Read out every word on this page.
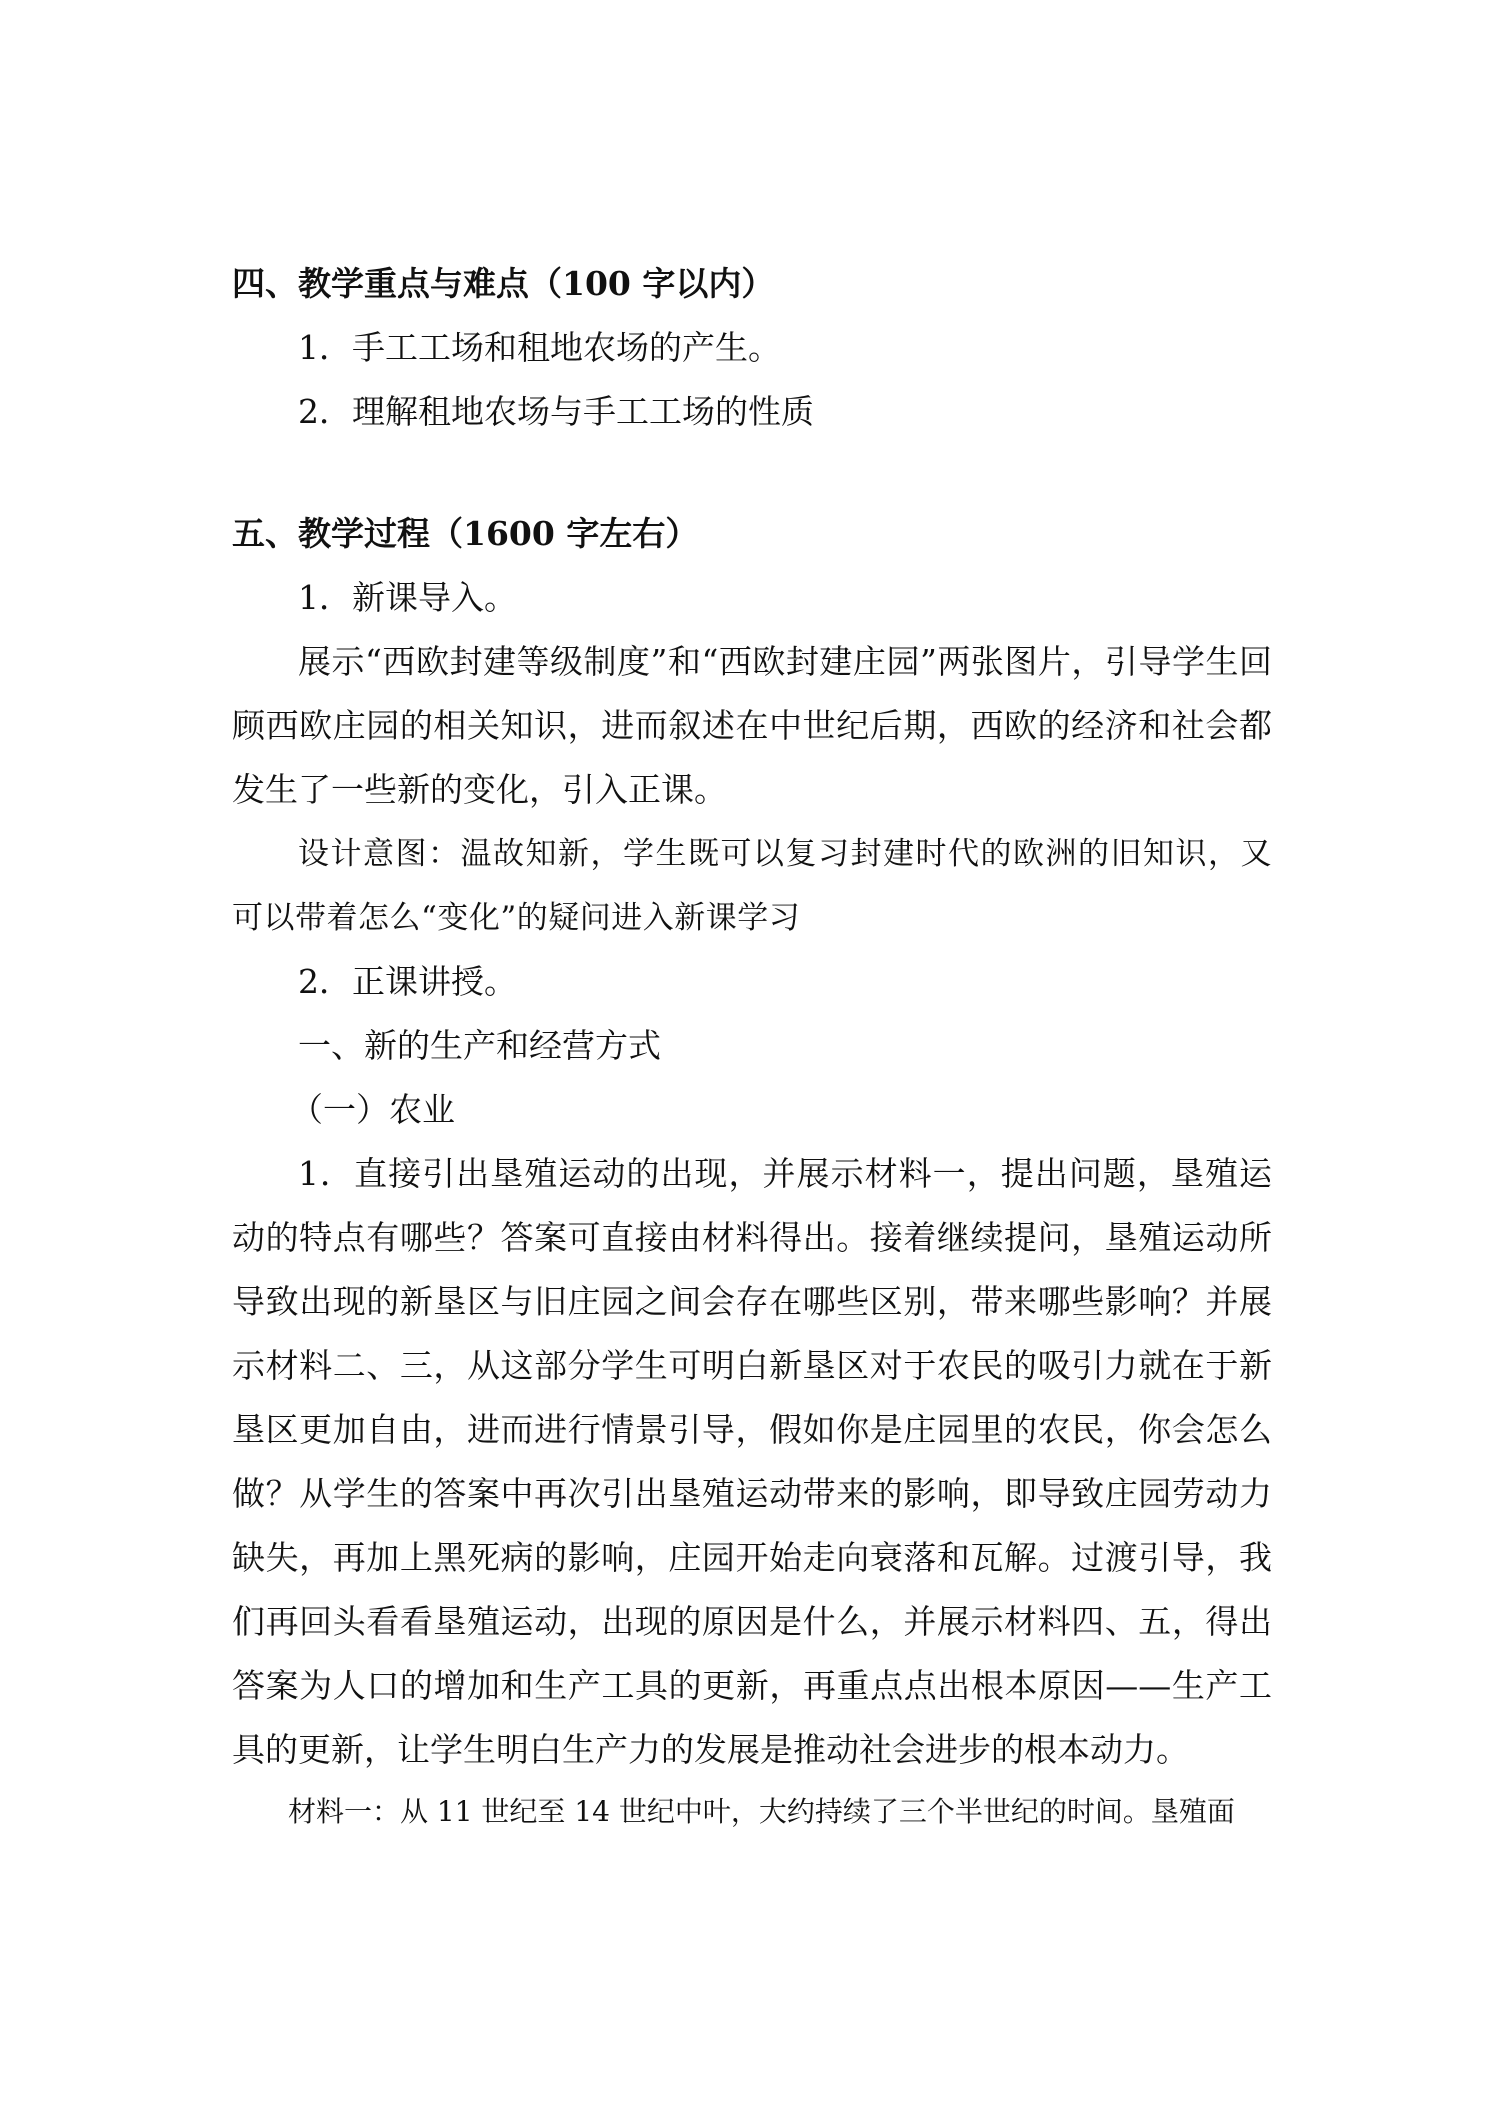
四、教学重点与难点（100 字以内）

1．手工工场和租地农场的产生。

2．理解租地农场与手工工场的性质

五、教学过程（1600 字左右）

1．新课导入。

展示“西欧封建等级制度”和“西欧封建庄园”两张图片，引导学生回顾西欧庄园的相关知识，进而叙述在中世纪后期，西欧的经济和社会都发生了一些新的变化，引入正课。

设计意图：温故知新，学生既可以复习封建时代的欧洲的旧知识，又可以带着怎么“变化”的疑问进入新课学习

2．正课讲授。

一、新的生产和经营方式

（一）农业

1．直接引出垦殖运动的出现，并展示材料一，提出问题，垦殖运动的特点有哪些？答案可直接由材料得出。接着继续提问，垦殖运动所导致出现的新垦区与旧庄园之间会存在哪些区别，带来哪些影响？并展示材料二、三，从这部分学生可明白新垦区对于农民的吸引力就在于新垦区更加自由，进而进行情景引导，假如你是庄园里的农民，你会怎么做？从学生的答案中再次引出垦殖运动带来的影响，即导致庄园劳动力缺失，再加上黑死病的影响，庄园开始走向衰落和瓦解。过渡引导，我们再回头看看垦殖运动，出现的原因是什么，并展示材料四、五，得出答案为人口的增加和生产工具的更新，再重点点出根本原因——生产工具的更新，让学生明白生产力的发展是推动社会进步的根本动力。

材料一：从 11 世纪至 14 世纪中叶，大约持续了三个半世纪的时间。垦殖面
